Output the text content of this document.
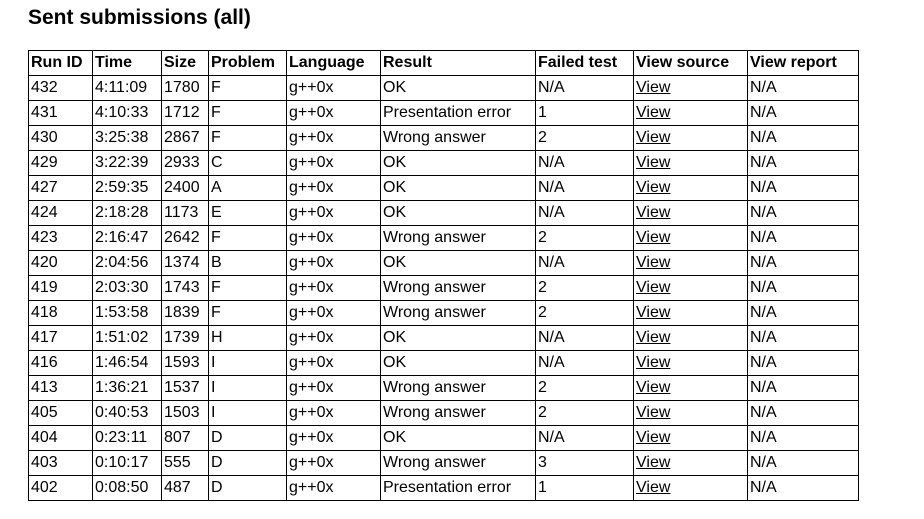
Sent submissions (all)
Run ID	Time	Size	Problem	Language	Result	Failed test	View source	View report
432	4:11:09	1780	F	g++0x	OK	N/A	View	N/A
431	4:10:33	1712	F	g++0x	Presentation error	1	View	N/A
430	3:25:38	2867	F	g++0x	Wrong answer	2	View	N/A
429	3:22:39	2933	C	g++0x	OK	N/A	View	N/A
427	2:59:35	2400	A	g++0x	OK	N/A	View	N/A
424	2:18:28	1173	E	g++0x	OK	N/A	View	N/A
423	2:16:47	2642	F	g++0x	Wrong answer	2	View	N/A
420	2:04:56	1374	B	g++0x	OK	N/A	View	N/A
419	2:03:30	1743	F	g++0x	Wrong answer	2	View	N/A
418	1:53:58	1839	F	g++0x	Wrong answer	2	View	N/A
417	1:51:02	1739	H	g++0x	OK	N/A	View	N/A
416	1:46:54	1593	I	g++0x	OK	N/A	View	N/A
413	1:36:21	1537	I	g++0x	Wrong answer	2	View	N/A
405	0:40:53	1503	I	g++0x	Wrong answer	2	View	N/A
404	0:23:11	807	D	g++0x	OK	N/A	View	N/A
403	0:10:17	555	D	g++0x	Wrong answer	3	View	N/A
402	0:08:50	487	D	g++0x	Presentation error	1	View	N/A
